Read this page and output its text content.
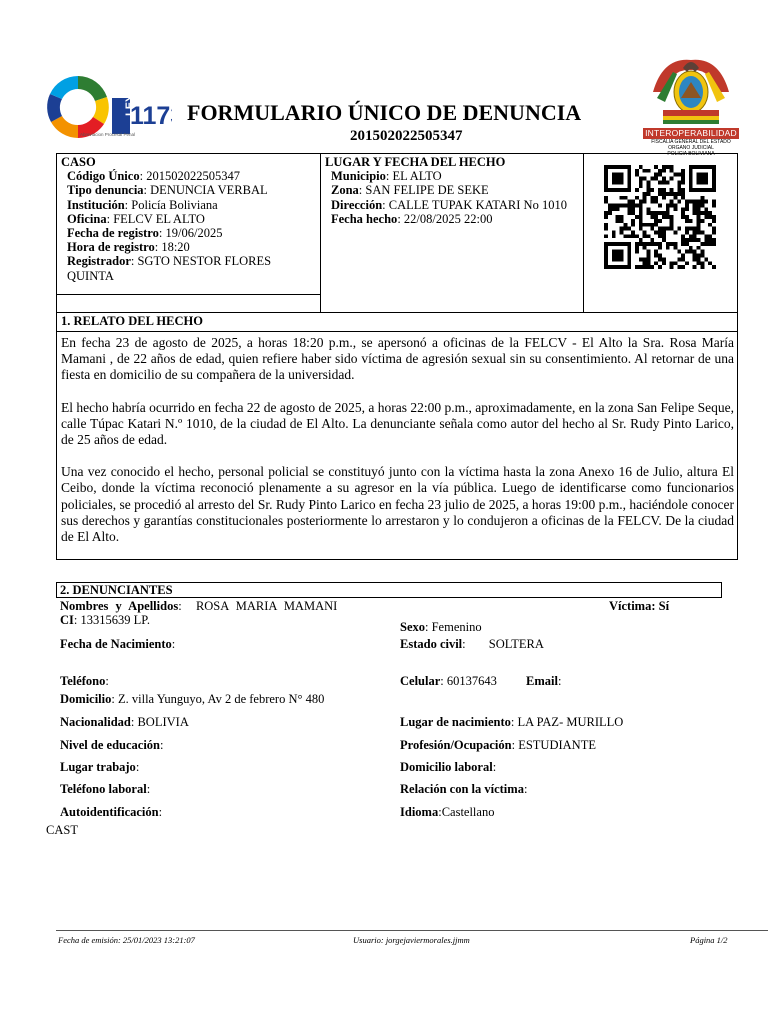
LEY
117
Abreviacion Procesal Penal
FORMULARIO ÚNICO DE DENUNCIA
201502022505347	INTEROPERABILIDAD
FISCALIA GENERAL DEL ESTADO
ORGANO JUDICIAL
POLICIA BOLIVIANA
CASO
Código Único: 201502022505347
Tipo denuncia: DENUNCIA VERBAL
Institución: Policía Boliviana
Oficina: FELCV EL ALTO
Fecha de registro: 19/06/2025
Hora de registro: 18:20
Registrador: SGTO NESTOR FLORES QUINTA
LUGAR Y FECHA DEL HECHO
Municipio: EL ALTO
Zona: SAN FELIPE DE SEKE
Dirección: CALLE TUPAK KATARI No 1010
Fecha hecho: 22/08/2025 22:00
1. RELATO DEL HECHO
En fecha 23 de agosto de 2025, a horas 18:20 p.m., se apersonó a oficinas de la FELCV - El Alto la Sra. Rosa María Mamani , de 22 años de edad, quien refiere haber sido víctima de agresión sexual sin su consentimiento. Al retornar de una fiesta en domicilio de su compañera de la universidad.
El hecho habría ocurrido en fecha 22 de agosto de 2025, a horas 22:00 p.m., aproximadamente, en la zona San Felipe Seque, calle Túpac Katari N.º 1010, de la ciudad de El Alto. La denunciante señala como autor del hecho al Sr. Rudy Pinto Larico, de 25 años de edad.
Una vez conocido el hecho, personal policial se constituyó junto con la víctima hasta la zona Anexo 16 de Julio, altura El Ceibo, donde la víctima reconoció plenamente a su agresor en la vía pública. Luego de identificarse como funcionarios policiales, se procedió al arresto del Sr. Rudy Pinto Larico en fecha 23 julio de 2025, a horas 19:00 p.m., haciéndole conocer sus derechos y garantías constitucionales posteriormente lo arrestaron y lo condujeron a oficinas de la FELCV. De la ciudad de El Alto.
2. DENUNCIANTES
Nombres y Apellidos:  ROSA MARIA MAMANI	Víctima: Sí
CI: 13315639 LP.	Sexo: Femenino
Fecha de Nacimiento:	Estado civil: SOLTERA
Teléfono:	Celular: 60137643 Email:
Domicilio: Z. villa Yunguyo, Av 2 de febrero N° 480
Nacionalidad: BOLIVIA	Lugar de nacimiento: LA PAZ- MURILLO
Nivel de educación:	Profesión/Ocupación: ESTUDIANTE
Lugar trabajo:	Domicilio laboral:
Teléfono laboral:	Relación con la víctima:
Autoidentificación:	Idioma:Castellano
CAST
Fecha de emisión: 25/01/2023 13:21:07	Usuario: jorgejaviermorales.jjmm	Página 1/2
